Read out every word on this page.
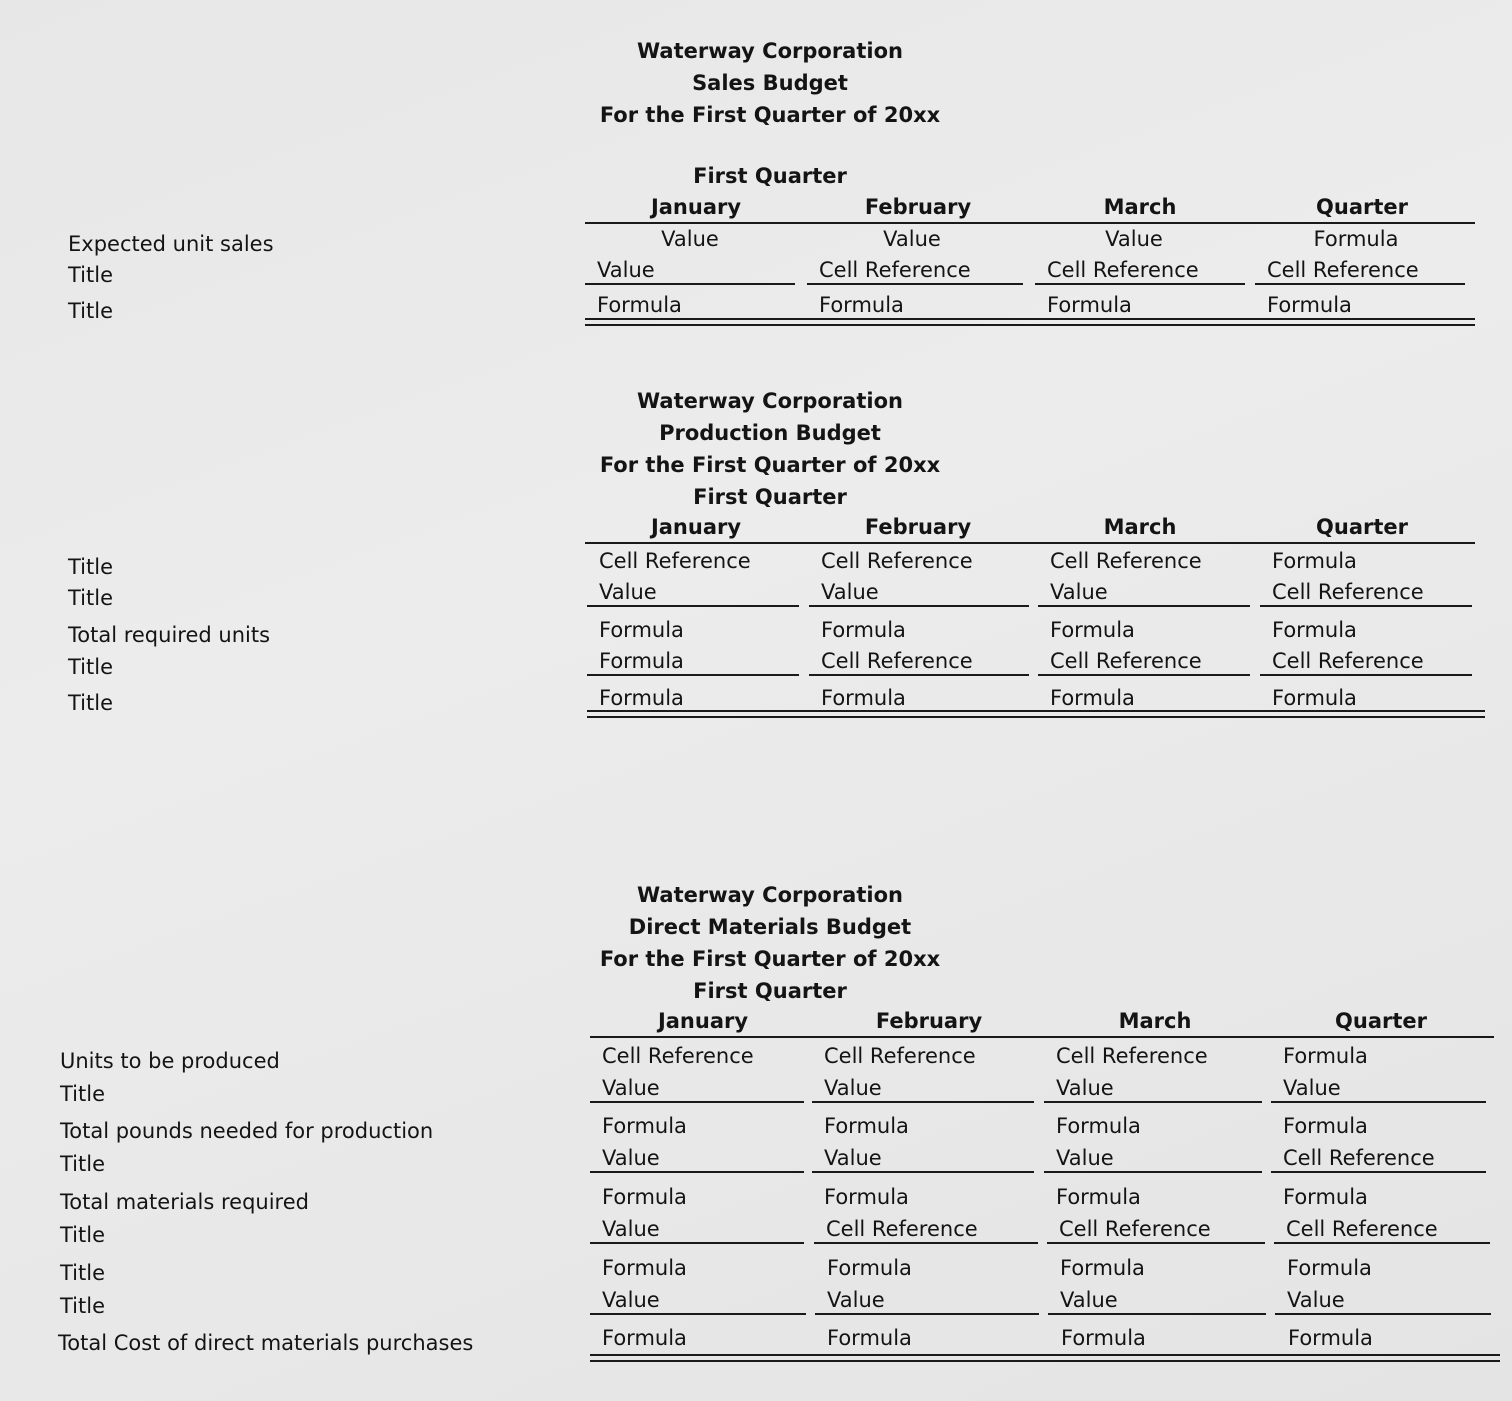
Waterway Corporation
Sales Budget
For the First Quarter of 20xx
First Quarter
January	February	March	Quarter
Expected unit sales	Value	Value	Value	Formula
Title	Value	Cell Reference	Cell Reference	Cell Reference
Title	Formula	Formula	Formula	Formula
Waterway Corporation
Production Budget
For the First Quarter of 20xx
First Quarter
January	February	March	Quarter
Title	Cell Reference	Cell Reference	Cell Reference	Formula
Title	Value	Value	Value	Cell Reference
Total required units	Formula	Formula	Formula	Formula
Title	Formula	Cell Reference	Cell Reference	Cell Reference
Title	Formula	Formula	Formula	Formula
Waterway Corporation
Direct Materials Budget
For the First Quarter of 20xx
First Quarter
January	February	March	Quarter
Units to be produced	Cell Reference	Cell Reference	Cell Reference	Formula
Title	Value	Value	Value	Value
Total pounds needed for production	Formula	Formula	Formula	Formula
Title	Value	Value	Value	Cell Reference
Total materials required	Formula	Formula	Formula	Formula
Title	Value	Cell Reference	Cell Reference	Cell Reference
Title	Formula	Formula	Formula	Formula
Title	Value	Value	Value	Value
Total Cost of direct materials purchases	Formula	Formula	Formula	Formula
